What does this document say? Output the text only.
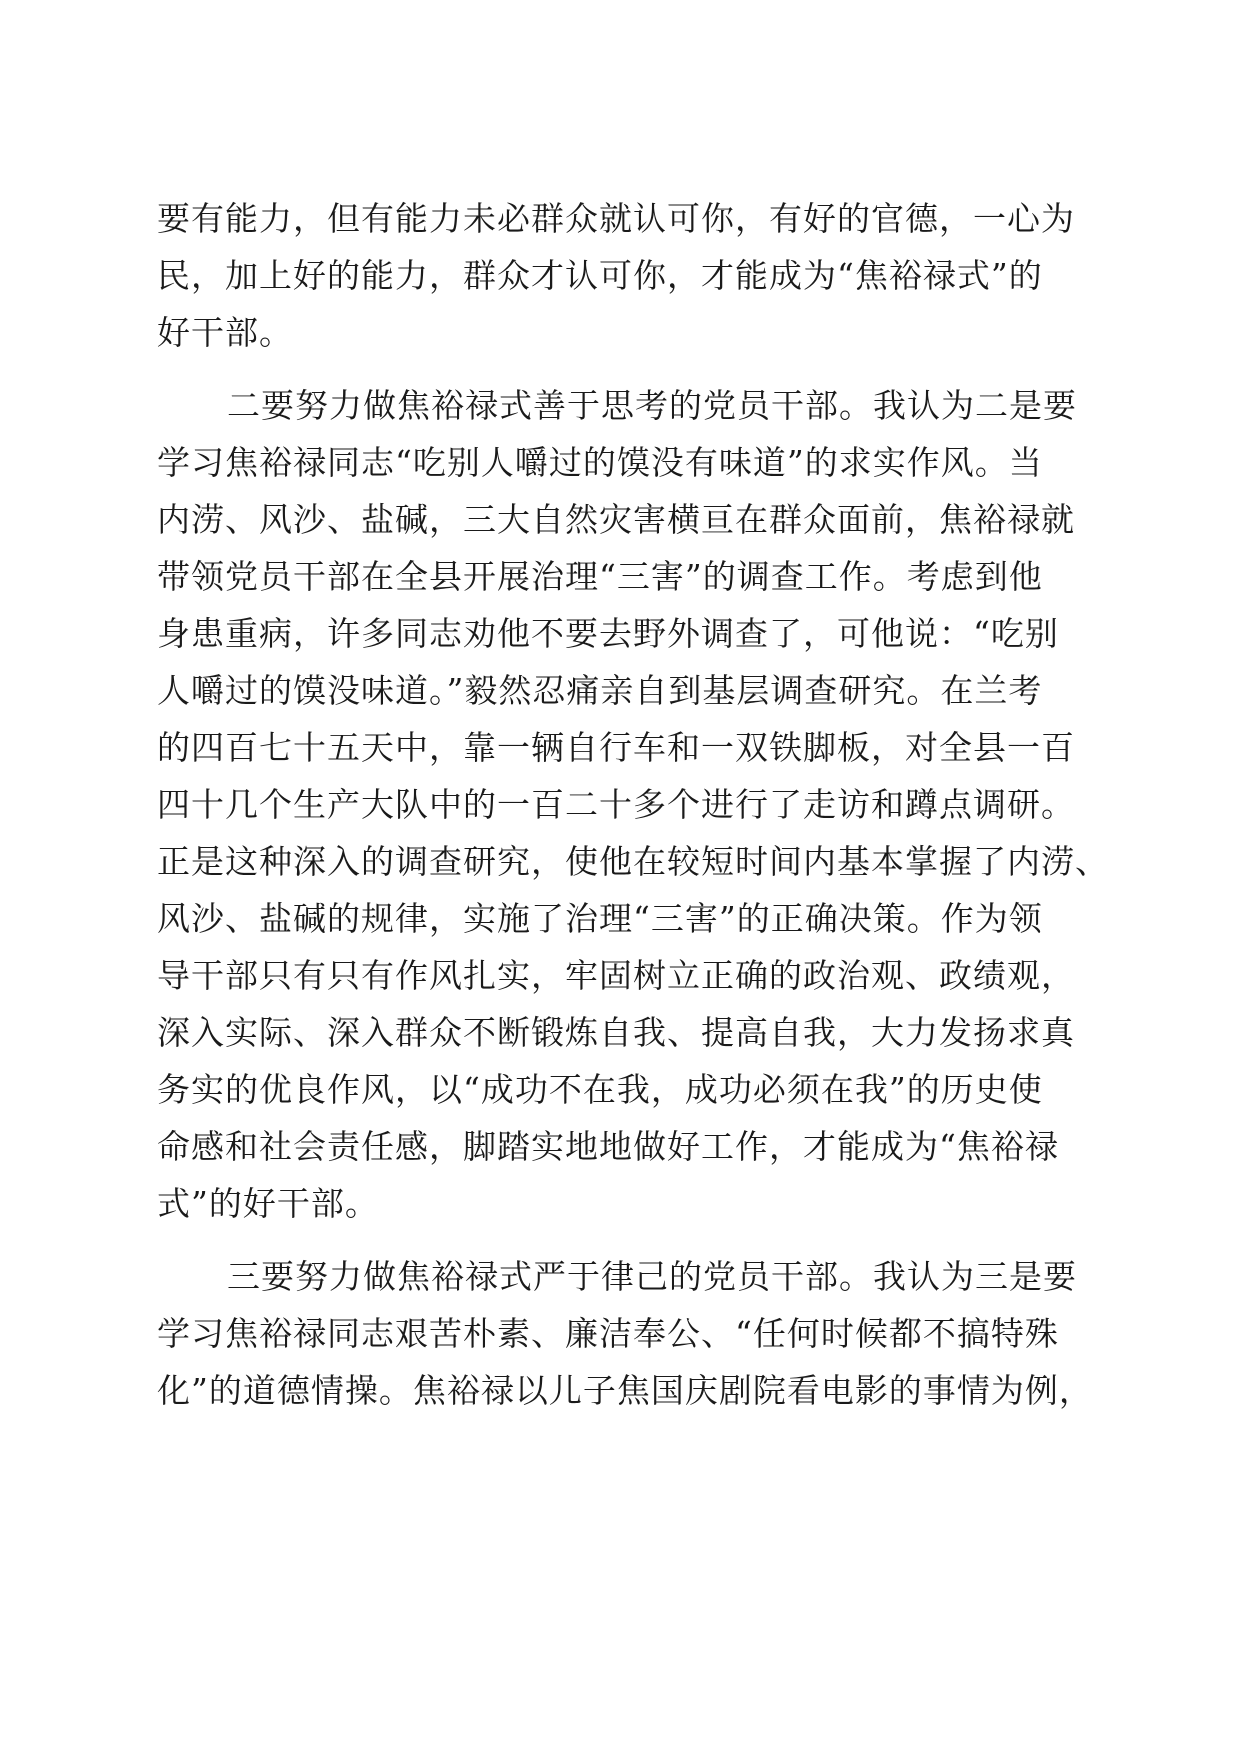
要有能力，但有能力未必群众就认可你，有好的官德，一心为
民，加上好的能力，群众才认可你，才能成为“焦裕禄式”的
好干部。
二要努力做焦裕禄式善于思考的党员干部。我认为二是要
学习焦裕禄同志“吃别人嚼过的馍没有味道”的求实作风。当
内涝、风沙、盐碱，三大自然灾害横亘在群众面前，焦裕禄就
带领党员干部在全县开展治理“三害”的调查工作。考虑到他
身患重病，许多同志劝他不要去野外调查了，可他说：“吃别
人嚼过的馍没味道。”毅然忍痛亲自到基层调查研究。在兰考
的四百七十五天中，靠一辆自行车和一双铁脚板，对全县一百
四十几个生产大队中的一百二十多个进行了走访和蹲点调研。
正是这种深入的调查研究，使他在较短时间内基本掌握了内涝、
风沙、盐碱的规律，实施了治理“三害”的正确决策。作为领
导干部只有只有作风扎实，牢固树立正确的政治观、政绩观，
深入实际、深入群众不断锻炼自我、提高自我，大力发扬求真
务实的优良作风，以“成功不在我，成功必须在我”的历史使
命感和社会责任感，脚踏实地地做好工作，才能成为“焦裕禄
式”的好干部。
三要努力做焦裕禄式严于律己的党员干部。我认为三是要
学习焦裕禄同志艰苦朴素、廉洁奉公、“任何时候都不搞特殊
化”的道德情操。焦裕禄以儿子焦国庆剧院看电影的事情为例，
